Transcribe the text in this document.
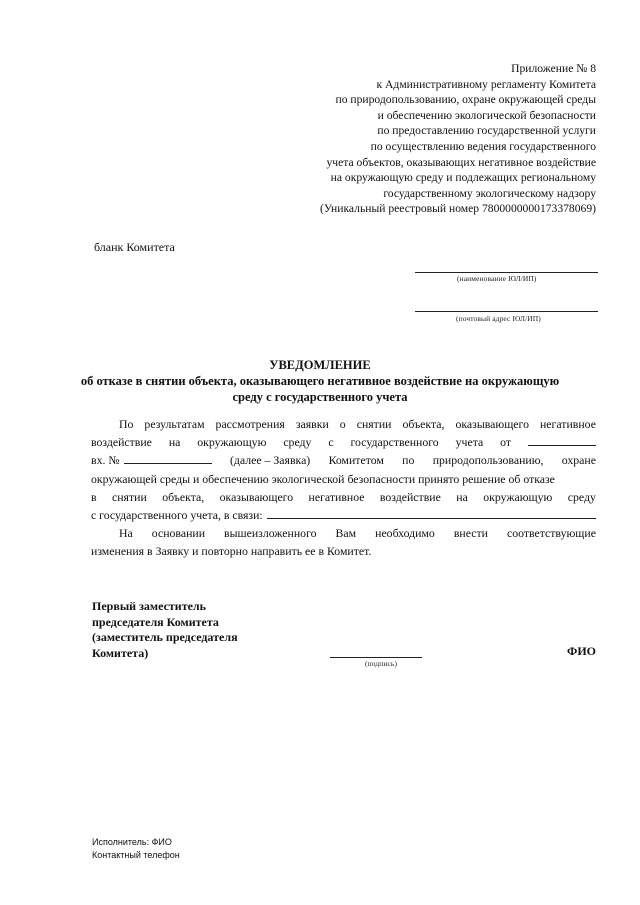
Приложение № 8
к Административному регламенту Комитета
по природопользованию, охране окружающей среды
и обеспечению экологической безопасности
по предоставлению государственной услуги
по осуществлению ведения государственного
учета объектов, оказывающих негативное воздействие
на окружающую среду и подлежащих региональному
государственному экологическому надзору
(Уникальный реестровый номер 7800000000173378069)
бланк Комитета
(наименование ЮЛ/ИП)
(почтовый адрес ЮЛ/ИП)
УВЕДОМЛЕНИЕ
об отказе в снятии объекта, оказывающего негативное воздействие на окружающую
среду с государственного учета
По результатам рассмотрения заявки о снятии объекта, оказывающего негативное
воздействие на окружающую среду с государственного учета от
вх. №	(далее – Заявка) Комитетом по природопользованию, охране
окружающей среды и обеспечению экологической безопасности принято решение об отказе
в снятии объекта, оказывающего негативное воздействие на окружающую среду
с государственного учета, в связи:
На основании вышеизложенного Вам необходимо внести соответствующие
изменения в Заявку и повторно направить ее в Комитет.
Первый заместитель
председателя Комитета
(заместитель председателя
Комитета)
(подпись)
ФИО
Исполнитель: ФИО
Контактный телефон
